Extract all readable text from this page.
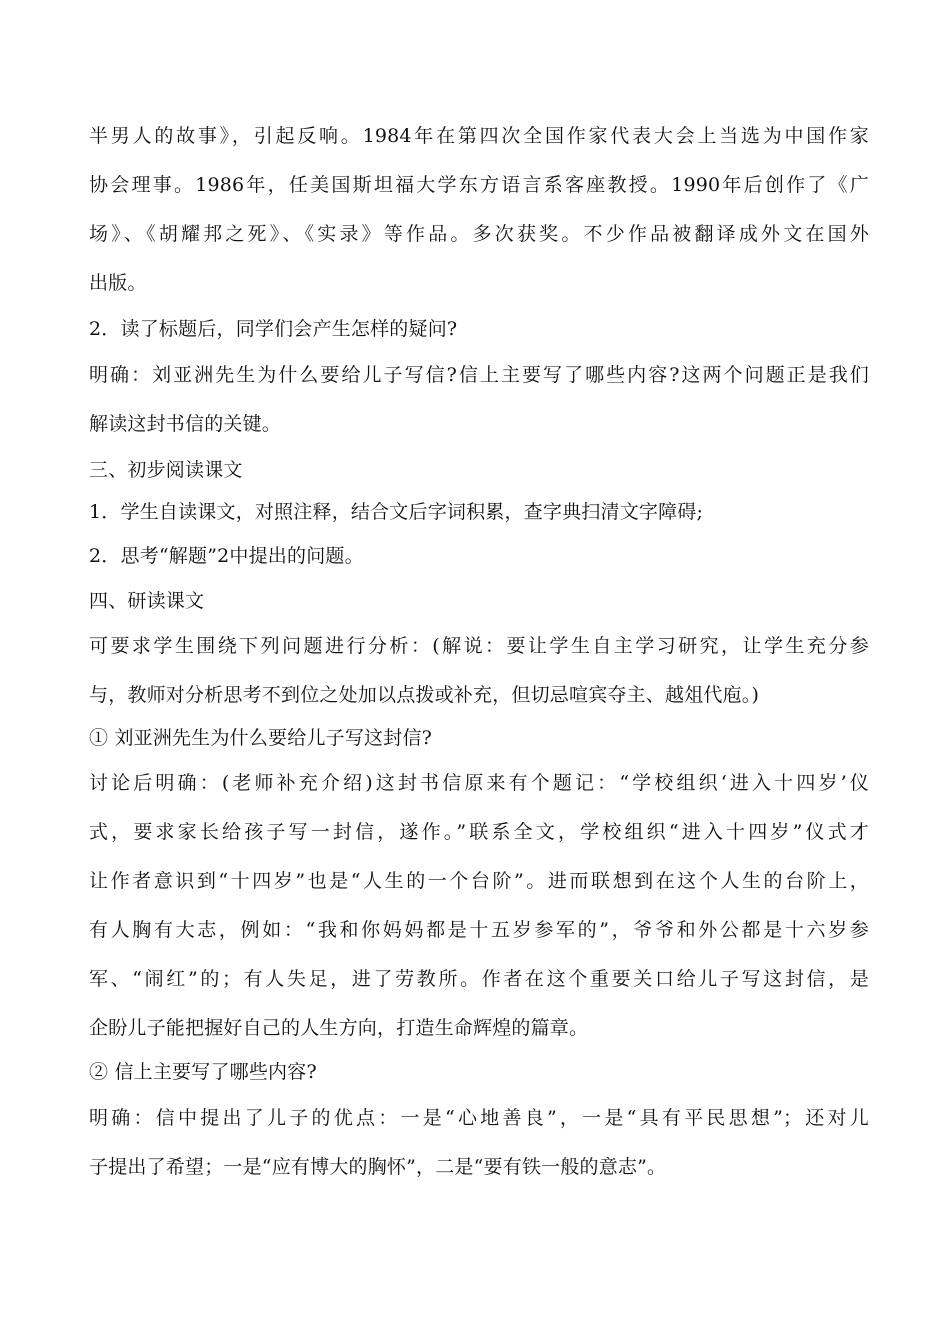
半男人的故事》，引起反响。1984年在第四次全国作家代表大会上当选为中国作家
协会理事。1986年，任美国斯坦福大学东方语言系客座教授。1990年后创作了《广
场》、《胡耀邦之死》、《实录》等作品。多次获奖。不少作品被翻译成外文在国外
出版。
2．读了标题后，同学们会产生怎样的疑问?
明确：刘亚洲先生为什么要给儿子写信?信上主要写了哪些内容?这两个问题正是我们
解读这封书信的关键。
三、初步阅读课文
1．学生自读课文，对照注释，结合文后字词积累，查字典扫清文字障碍;
2．思考“解题”2中提出的问题。
四、研读课文
可要求学生围绕下列问题进行分析：(解说：要让学生自主学习研究，让学生充分参
与，教师对分析思考不到位之处加以点拨或补充，但切忌喧宾夺主、越俎代庖。)
① 刘亚洲先生为什么要给儿子写这封信?
讨论后明确：(老师补充介绍)这封书信原来有个题记：“学校组织‘进入十四岁’仪
式，要求家长给孩子写一封信，遂作。”联系全文，学校组织“进入十四岁”仪式才
让作者意识到“十四岁”也是“人生的一个台阶”。进而联想到在这个人生的台阶上，
有人胸有大志，例如：“我和你妈妈都是十五岁参军的”，爷爷和外公都是十六岁参
军、“闹红”的；有人失足，进了劳教所。作者在这个重要关口给儿子写这封信，是
企盼儿子能把握好自己的人生方向，打造生命辉煌的篇章。
② 信上主要写了哪些内容?
明确：信中提出了儿子的优点：一是“心地善良”，一是“具有平民思想”；还对儿
子提出了希望；一是“应有博大的胸怀”，二是“要有铁一般的意志”。
